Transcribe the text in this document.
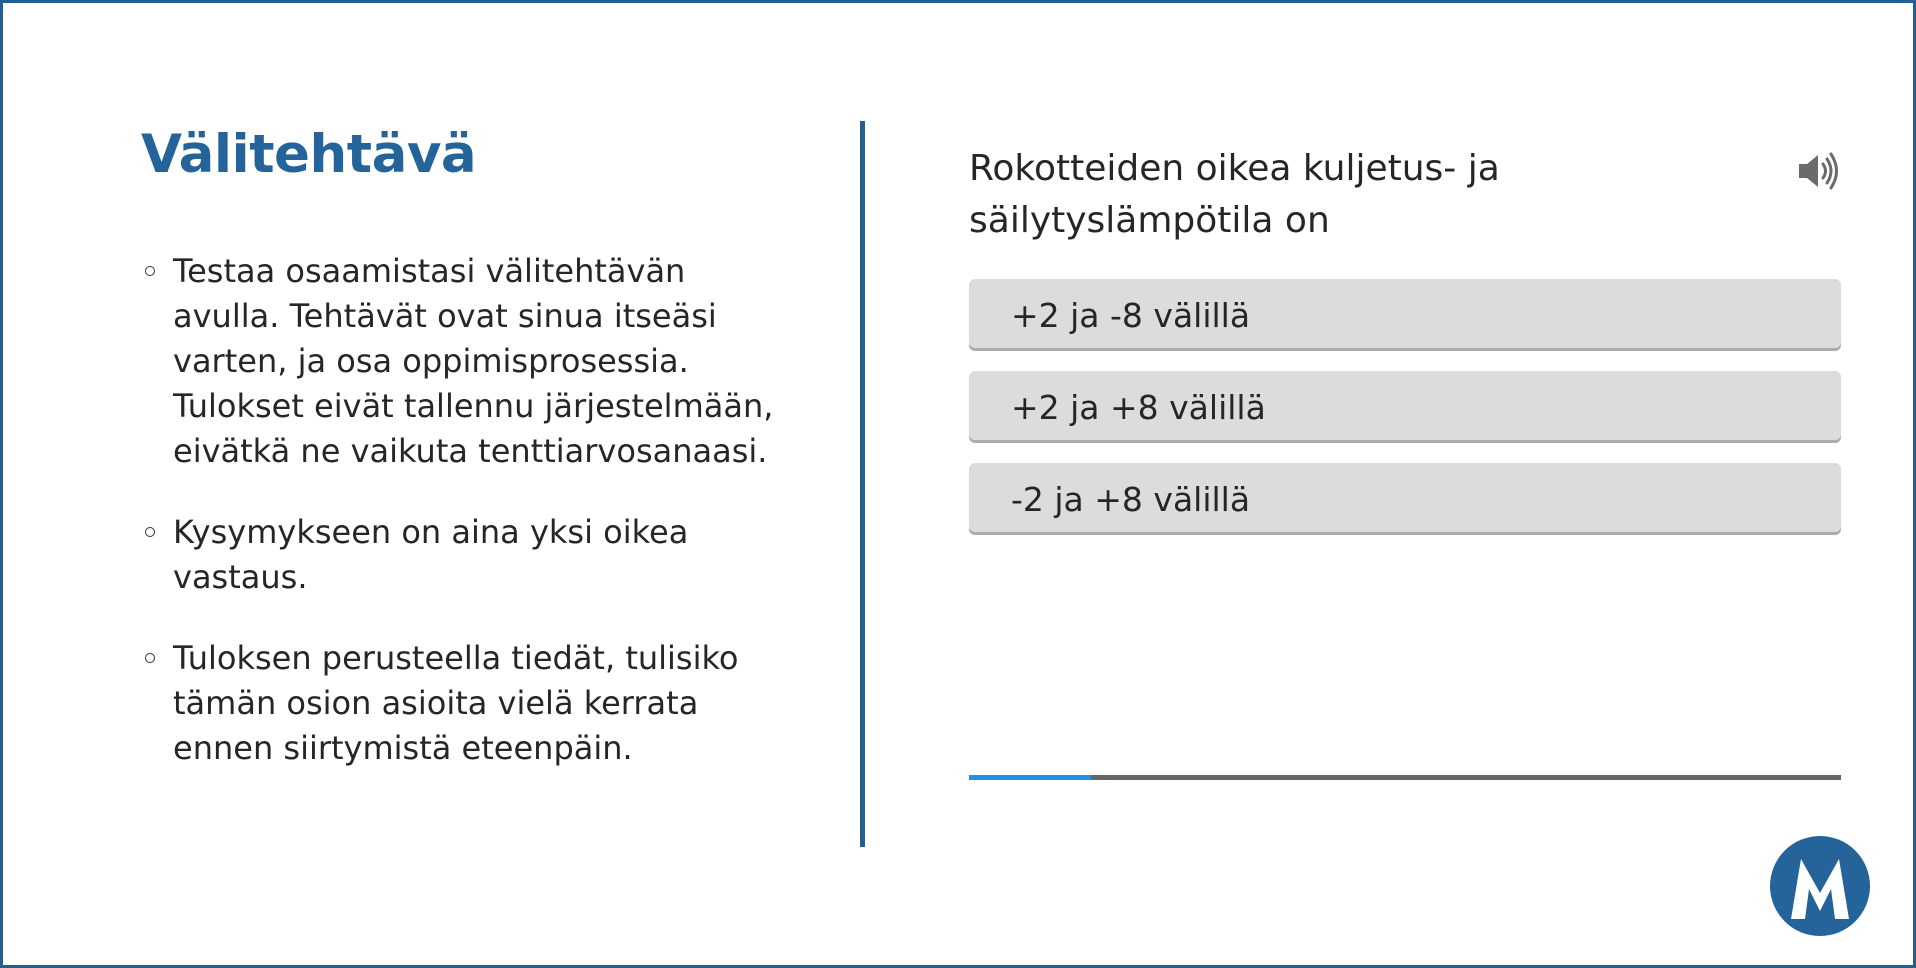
Välitehtävä
Testaa osaamistasi välitehtävän avulla. Tehtävät ovat sinua itseäsi varten, ja osa oppimisprosessia. Tulokset eivät tallennu järjestelmään, eivätkä ne vaikuta tenttiarvosanaasi.
Kysymykseen on aina yksi oikea vastaus.
Tuloksen perusteella tiedät, tulisiko tämän osion asioita vielä kerrata ennen siirtymistä eteenpäin.
Rokotteiden oikea kuljetus- ja säilytyslämpötila on
+2 ja -8 välillä
+2 ja +8 välillä
-2 ja +8 välillä
